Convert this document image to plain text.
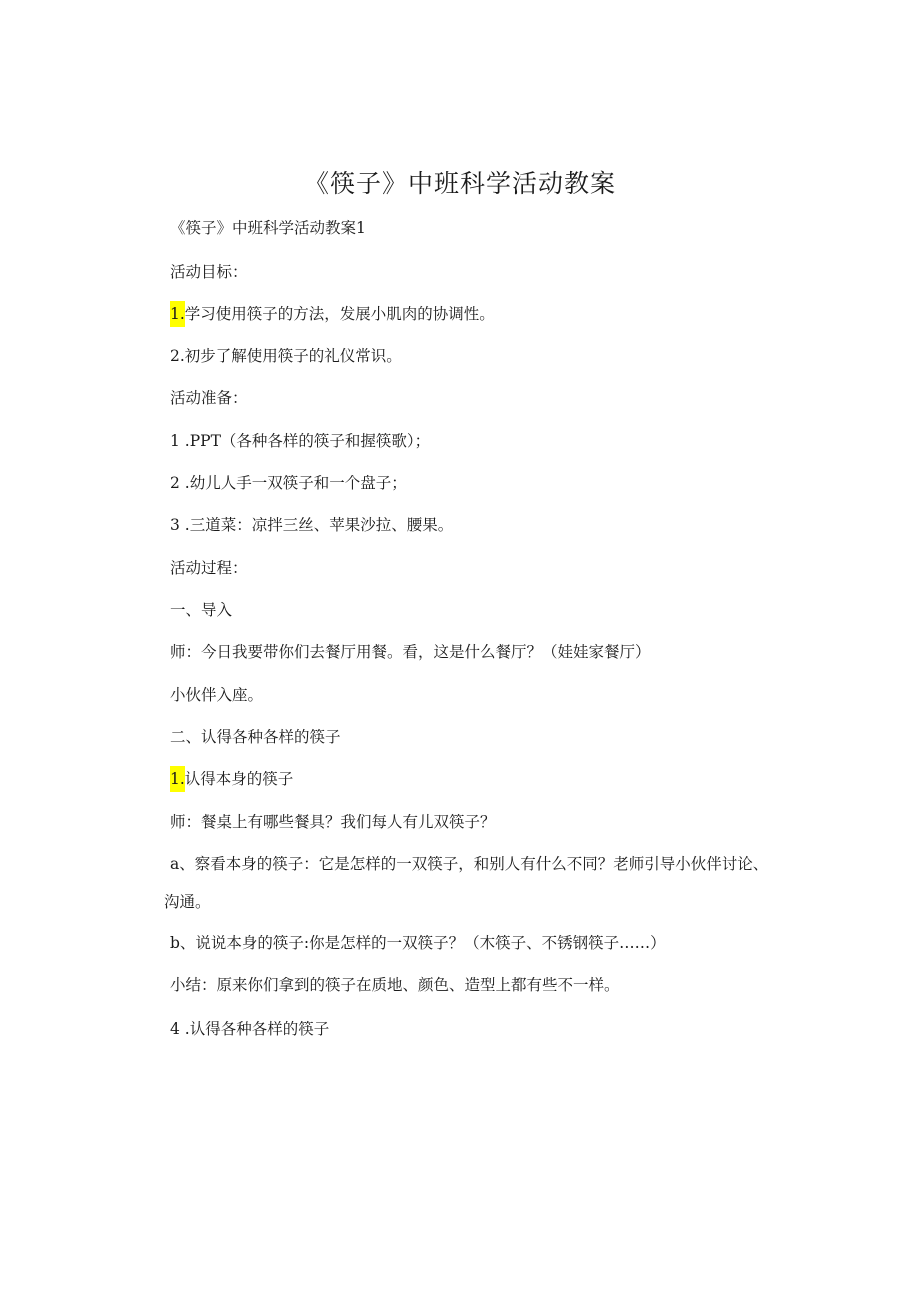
《筷子》中班科学活动教案
《筷子》中班科学活动教案1
活动目标：
1.学习使用筷子的方法，发展小肌肉的协调性。
2.初步了解使用筷子的礼仪常识。
活动准备：
1 .PPT（各种各样的筷子和握筷歌）；
2 .幼儿人手一双筷子和一个盘子；
3 .三道菜：凉拌三丝、苹果沙拉、腰果。
活动过程：
一、导入
师：今日我要带你们去餐厅用餐。看，这是什么餐厅？（娃娃家餐厅）
小伙伴入座。
二、认得各种各样的筷子
1.认得本身的筷子
师：餐桌上有哪些餐具？我们每人有儿双筷子？
a、察看本身的筷子：它是怎样的一双筷子，和别人有什么不同？老师引导小伙伴讨论、沟通。
b、说说本身的筷子:你是怎样的一双筷子？（木筷子、不锈钢筷子……）
小结：原来你们拿到的筷子在质地、颜色、造型上都有些不一样。
4 .认得各种各样的筷子
